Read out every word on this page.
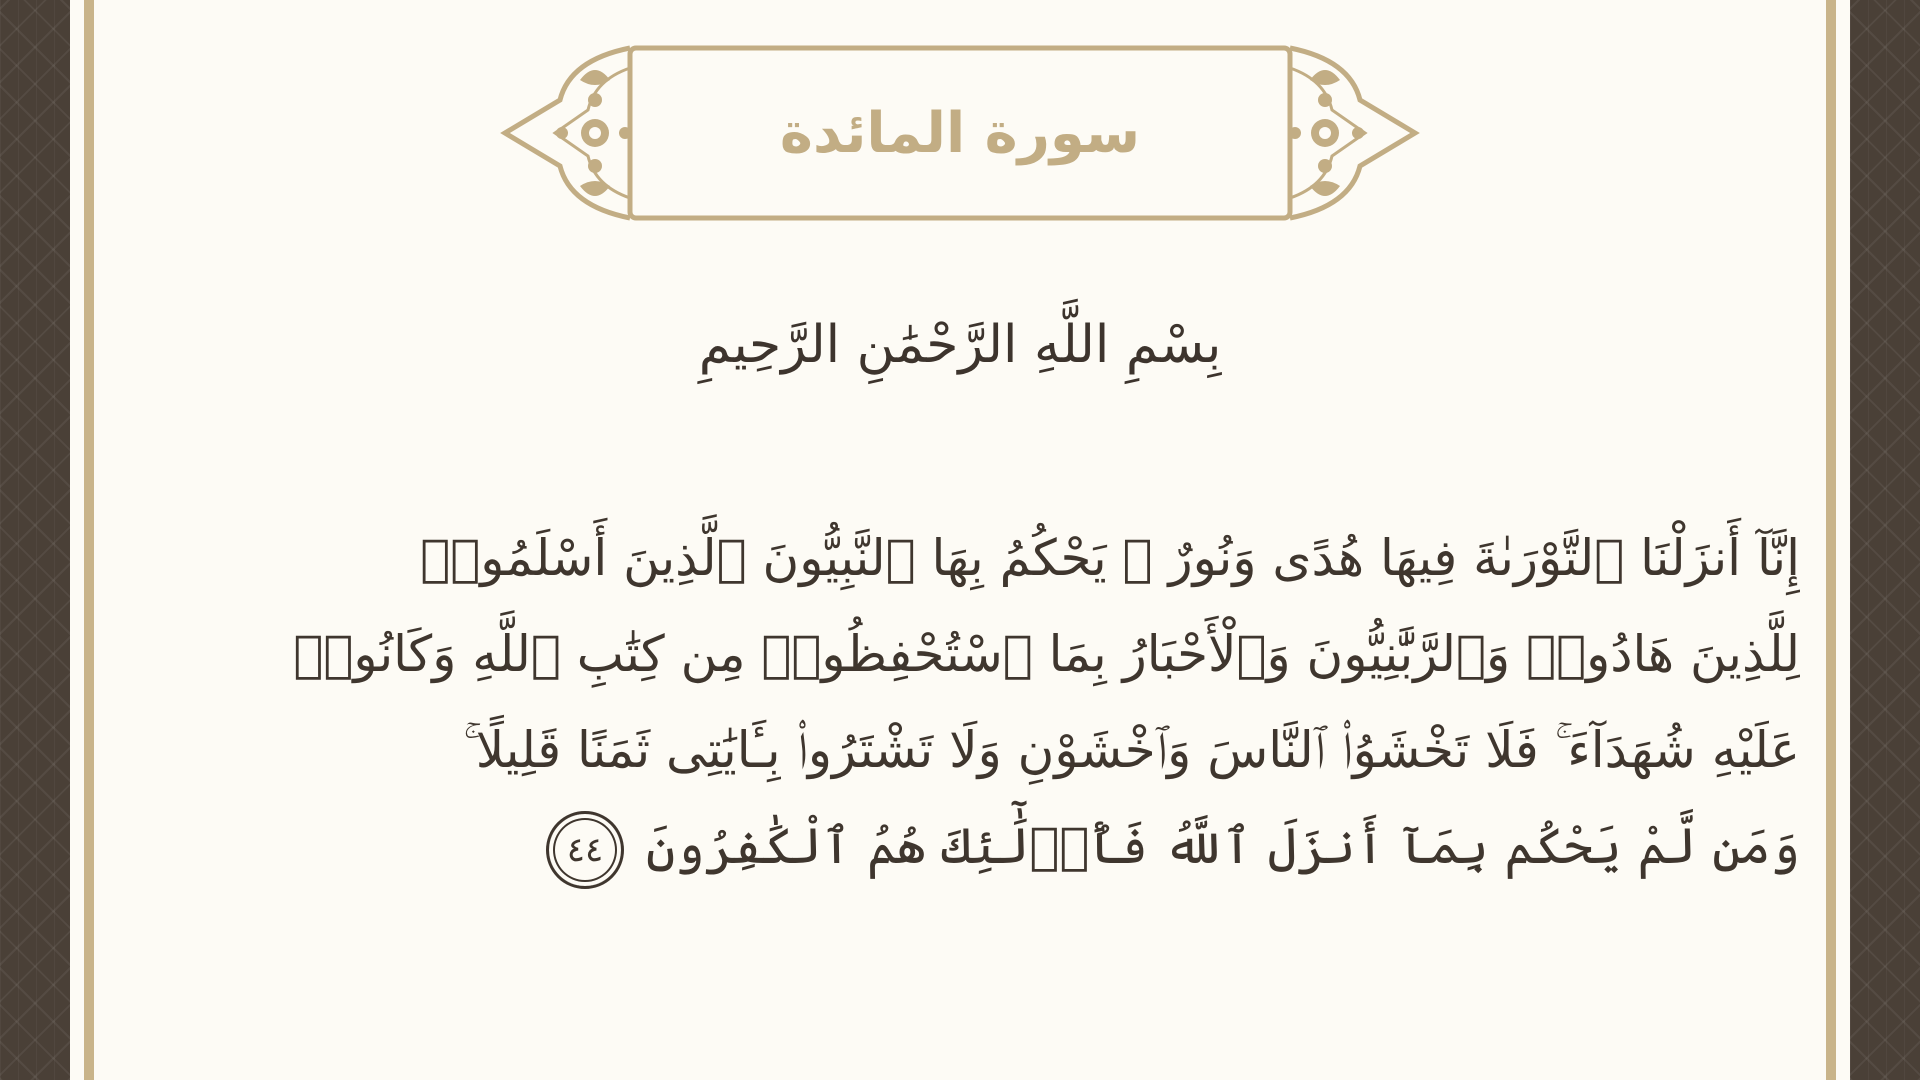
سورة المائدة
بِسْمِ اللَّهِ الرَّحْمَٰنِ الرَّحِيمِ
إِنَّآ أَنزَلْنَا ٱلتَّوْرَىٰةَ فِيهَا هُدًى وَنُورٌ ۚ يَحْكُمُ بِهَا ٱلنَّبِيُّونَ ٱلَّذِينَ أَسْلَمُوا۟
لِلَّذِينَ هَادُوا۟ وَٱلرَّبَّٰنِيُّونَ وَٱلْأَحْبَارُ بِمَا ٱسْتُحْفِظُوا۟ مِن كِتَٰبِ ٱللَّهِ وَكَانُوا۟
عَلَيْهِ شُهَدَآءَ ۚ فَلَا تَخْشَوُا۟ ٱلنَّاسَ وَٱخْشَوْنِ وَلَا تَشْتَرُوا۟ بِـَٔايَٰتِى ثَمَنًا قَلِيلًا ۚ
وَمَن لَّمْ يَحْكُم بِمَآ أَنزَلَ ٱللَّهُ فَأُو۟لَٰٓئِكَ هُمُ ٱلْكَٰفِرُونَ٤٤
